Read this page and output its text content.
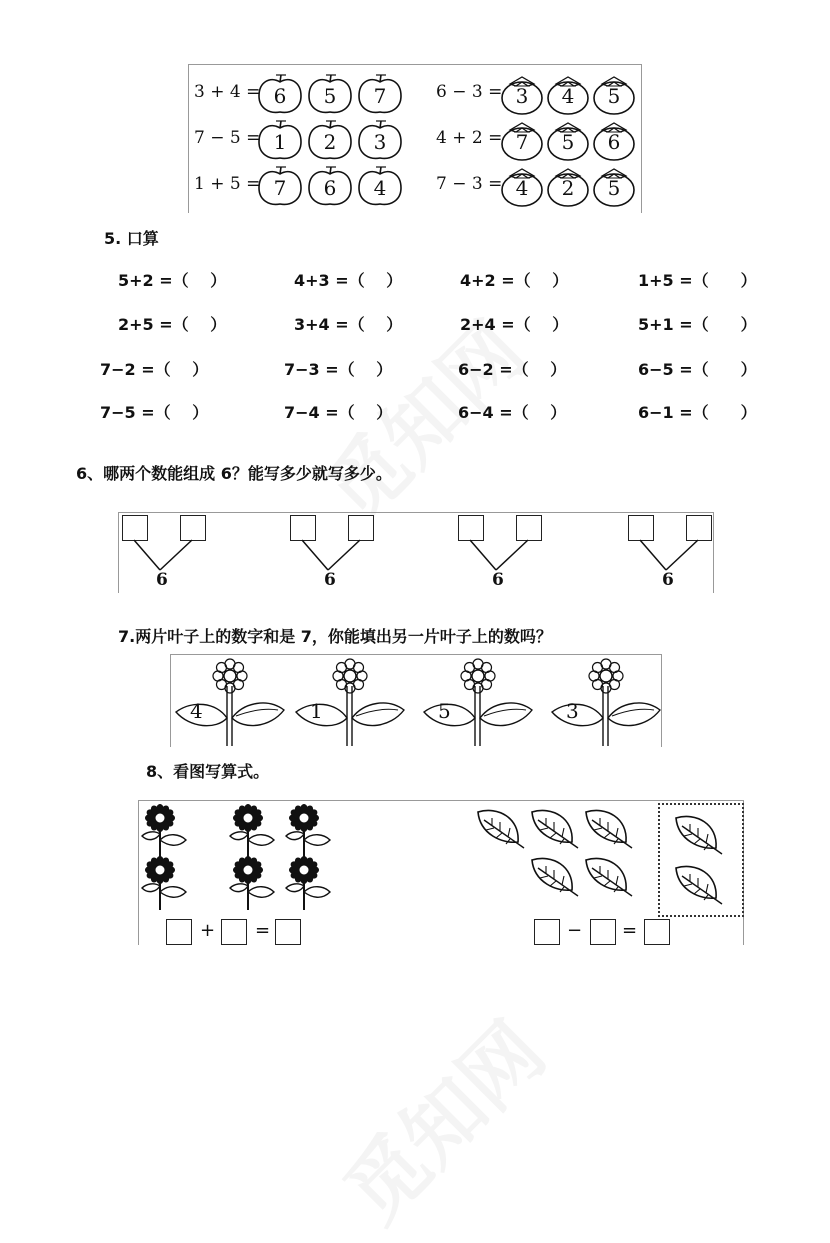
3 + 4 = 6	5	7
7 − 5 = 1	2	3
1 + 5 = 7	6	4
6 − 3 = 3	4	5
4 + 2 = 7	5	6
7 − 3 = 4	2	5
5. 口算
5+2 =（　 ）	4+3 =（　 ）	4+2 =（　 ）	1+5 =（　　）
2+5 =（　 ）	3+4 =（　 ）	2+4 =（　 ）	5+1 =（　　）
7−2 =（　 ）	7−3 =（　 ）	6−2 =（　 ）	6−5 =（　　）
7−5 =（　 ）	7−4 =（　 ）	6−4 =（　 ）	6−1 =（　　）
6、哪两个数能组成 6？能写多少就写多少。
6	6	6	6
7.两片叶子上的数字和是 7，你能填出另一片叶子上的数吗？
4	1	5	3
8、看图写算式。
+ =	− =
